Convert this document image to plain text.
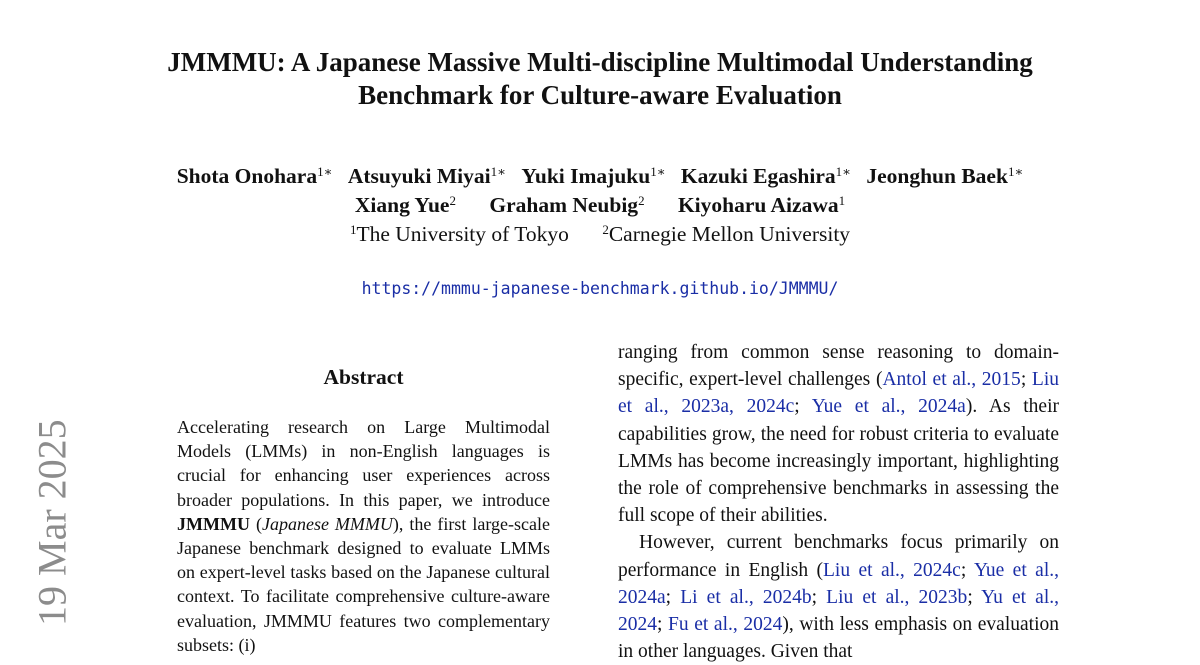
19 Mar 2025
JMMMU: A Japanese Massive Multi-discipline Multimodal Understanding
Benchmark for Culture-aware Evaluation
Shota Onohara$^{1∗}$ Atsuyuki Miyai$^{1∗}$ Yuki Imajuku$^{1∗}$ Kazuki Egashira$^{1∗}$ Jeonghun Baek$^{1∗}$
Xiang Yue$^2$ Graham Neubig$^2$ Kiyoharu Aizawa$^1$
$^1$The University of Tokyo	$^2$Carnegie Mellon University
https://mmmu-japanese-benchmark.github.io/JMMMU/
Abstract
Accelerating research on Large Multimodal Models (LMMs) in non-English languages is crucial for enhancing user experiences across broader populations. In this paper, we introduce JMMMU (Japanese MMMU), the first large-scale Japanese benchmark designed to evaluate LMMs on expert-level tasks based on the Japanese cultural context. To facilitate comprehensive culture-aware evaluation, JMMMU features two complementary subsets: (i)

ranging from common sense reasoning to domain-specific, expert-level challenges (Antol et al., 2015; Liu et al., 2023a, 2024c; Yue et al., 2024a). As their capabilities grow, the need for robust criteria to evaluate LMMs has become increasingly important, highlighting the role of comprehensive benchmarks in assessing the full scope of their abilities.

However, current benchmarks focus primarily on performance in English (Liu et al., 2024c; Yue et al., 2024a; Li et al., 2024b; Liu et al., 2023b; Yu et al., 2024; Fu et al., 2024), with less emphasis on evaluation in other languages. Given that
